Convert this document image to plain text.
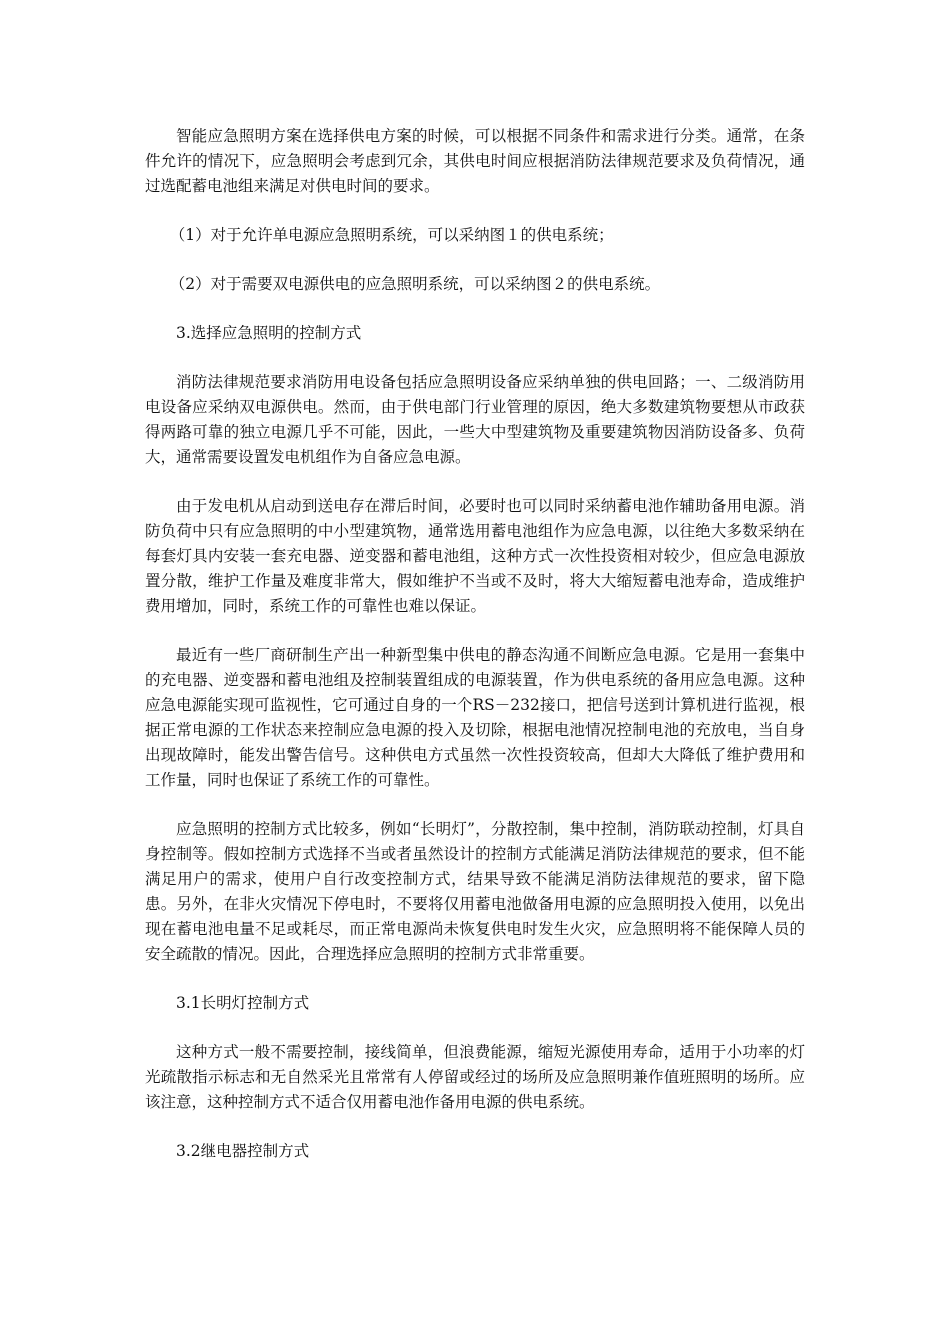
智能应急照明方案在选择供电方案的时候，可以根据不同条件和需求进行分类。通常，在条件允许的情况下，应急照明会考虑到冗余，其供电时间应根据消防法律规范要求及负荷情况，通过选配蓄电池组来满足对供电时间的要求。

（1）对于允许单电源应急照明系统，可以采纳图１的供电系统；

（2）对于需要双电源供电的应急照明系统，可以采纳图２的供电系统。

3.选择应急照明的控制方式

消防法律规范要求消防用电设备包括应急照明设备应采纳单独的供电回路；一、二级消防用电设备应采纳双电源供电。然而，由于供电部门行业管理的原因，绝大多数建筑物要想从市政获得两路可靠的独立电源几乎不可能，因此，一些大中型建筑物及重要建筑物因消防设备多、负荷大，通常需要设置发电机组作为自备应急电源。

由于发电机从启动到送电存在滞后时间，必要时也可以同时采纳蓄电池作辅助备用电源。消防负荷中只有应急照明的中小型建筑物，通常选用蓄电池组作为应急电源，以往绝大多数采纳在每套灯具内安装一套充电器、逆变器和蓄电池组，这种方式一次性投资相对较少，但应急电源放置分散，维护工作量及难度非常大，假如维护不当或不及时，将大大缩短蓄电池寿命，造成维护费用增加，同时，系统工作的可靠性也难以保证。

最近有一些厂商研制生产出一种新型集中供电的静态沟通不间断应急电源。它是用一套集中的充电器、逆变器和蓄电池组及控制装置组成的电源装置，作为供电系统的备用应急电源。这种应急电源能实现可监视性，它可通过自身的一个RS－232接口，把信号送到计算机进行监视，根据正常电源的工作状态来控制应急电源的投入及切除，根据电池情况控制电池的充放电，当自身出现故障时，能发出警告信号。这种供电方式虽然一次性投资较高，但却大大降低了维护费用和工作量，同时也保证了系统工作的可靠性。

应急照明的控制方式比较多，例如“长明灯”，分散控制，集中控制，消防联动控制，灯具自身控制等。假如控制方式选择不当或者虽然设计的控制方式能满足消防法律规范的要求，但不能满足用户的需求，使用户自行改变控制方式，结果导致不能满足消防法律规范的要求，留下隐患。另外，在非火灾情况下停电时，不要将仅用蓄电池做备用电源的应急照明投入使用，以免出现在蓄电池电量不足或耗尽，而正常电源尚未恢复供电时发生火灾，应急照明将不能保障人员的安全疏散的情况。因此，合理选择应急照明的控制方式非常重要。

3.1长明灯控制方式

这种方式一般不需要控制，接线简单，但浪费能源，缩短光源使用寿命，适用于小功率的灯光疏散指示标志和无自然采光且常常有人停留或经过的场所及应急照明兼作值班照明的场所。应该注意，这种控制方式不适合仅用蓄电池作备用电源的供电系统。

3.2继电器控制方式
